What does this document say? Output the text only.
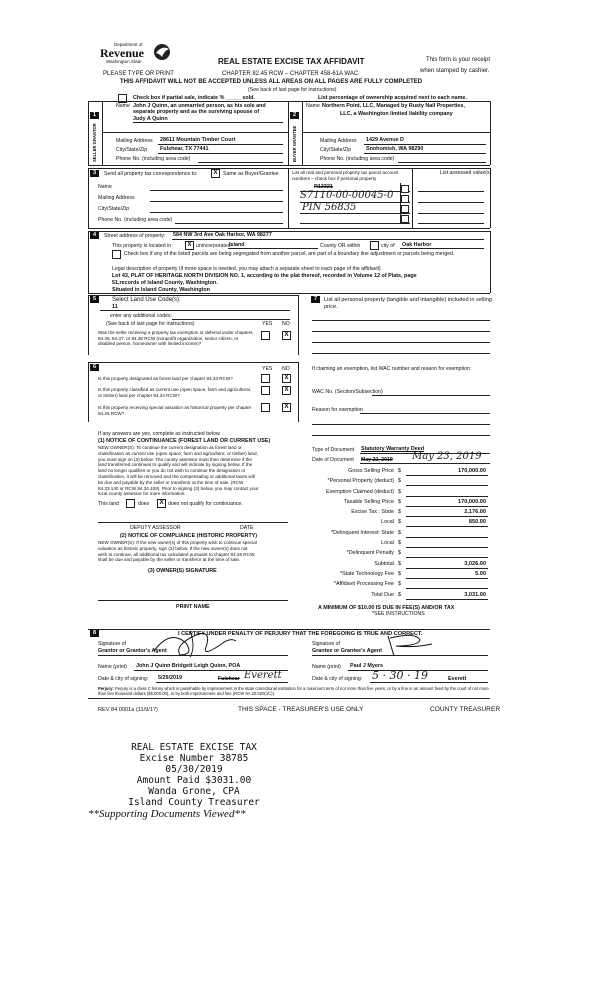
Department of
Revenue
Washington State	REAL ESTATE EXCISE TAX AFFIDAVIT	This form is your receipt
when stamped by cashier.
PLEASE TYPE OR PRINT	CHAPTER 82.45 RCW – CHAPTER 458-61A WAC
THIS AFFIDAVIT WILL NOT BE ACCEPTED UNLESS ALL AREAS ON ALL PAGES ARE FULLY COMPLETED
(See back of last page for instructions)
Check box if partial sale, indicate % _____ sold.	List percentage of ownership acquired next to each name.
1
Name John J Quinn, an unmarried person, as his sole and separate property and as the surviving spouse of
Judy A Quinn
SELLER GRANTOR	Mailing Address 28611 Mountain Timber Court
City/State/Zip Fulshear, TX 77441
Phone No. (including area code)
2
Name Northern Point, LLC, Managed by Rusty Nail Properties,
LLC, a Washington limited liability company
BUYER GRANTEE	Mailing Address 1429 Avenue D
City/State/Zip	Snohomish, WA 98290
Phone No. (including area code)
3	Send all property tax correspondence to:	X	Same as Buyer/Grantee
Name
Mailing Address
City/State/Zip
Phone No. (including area code)
List all real and personal property tax parcel account numbers – check box if personal property
List assessed value(s)
R13321
S7110-00-00045-0
PIN 56835
4	Street address of property: 584 NW 3rd Ave Oak Harbor, WA 98277
This property is located in	X unincorporated
Island	County OR within	city of Oak Harbor
Check box if any of the listed parcels are being segregated from another parcel, are part of a boundary line adjustment or parcels being merged.
Legal description of property (if more space is needed, you may attach a separate sheet to each page of the affidavit)
Lot 43, PLAT OF HERITAGE NORTH DIVISION NO. 1, according to the plat thereof, recorded in Volume 12 of Plats, page
51,records of Island County, Washington.
Situated in Island County, Washington
5	Select Land Use Code(s):
11
enter any additional codes:
(See back of last page for instructions)	YES NO
Was the seller receiving a property tax exemption or deferral under chapters 84.36, 84.37, or 84.38 RCW (nonprofit organization, senior citizen, or disabled person, homeowner with limited income)?
X
7	List all personal property (tangible and intangible) included in selling price.
If claiming an exemption, list WAC number and reason for exemption:
WAC No. (Section/Subsection)
Reason for exemption
6	YES NO
Is this property designated as forest land per chapter 84.33 RCW?	X
Is this property classified as current use (open space, farm and agricultural, or timber) land per chapter 84.34 RCW?
X
Is this property receiving special valuation as historical property per chapter 84.26 RCW?
X
If any answers are yes, complete as instructed below.
(1) NOTICE OF CONTINUANCE (FOREST LAND OR CURRENT USE)
NEW OWNER(S): To continue the current designation as forest land or
classification as current use (open space, farm and agriculture, or timber) land,
you must sign on (3) below. The county assessor must then determine if the
land transferred continues to qualify and will indicate by signing below. If the
land no longer qualifies or you do not wish to continue the designation or
classification, it will be removed and the compensating or additional taxes will
be due and payable by the seller or transferor at the time of sale. (RCW
84.33.140 or RCW 84.34.108). Prior to signing (3) below, you may contact your
local county assessor for more information.
This land	does	X does not qualify for continuance.
DEPUTY ASSESSOR	DATE
(2) NOTICE OF COMPLIANCE (HISTORIC PROPERTY)
NEW OWNER(S): If the new owner(s) of this property wish to continue special
valuation as historic property, sign (3) below. If the new owner(s) does not
wish to continue, all additional tax calculated pursuant to chapter 84.26 RCW,
shall be due and payable by the seller or transferor at the time of sale.
(3) OWNER(S) SIGNATURE
PRINT NAME
Type of Document Statutory Warranty Deed
Date of Document May 22, 2019 May 23, 2019
Gross Selling Price $	170,000.00
*Personal Property (deduct) $
Exemption Claimed (deduct) $
Taxable Selling Price $	170,000.00
Excise Tax : State $	2,176.00
Local $	850.00
*Delinquent Interest: State $
Local $
*Delinquent Penalty $
Subtotal $	3,026.00
*State Technology Fee $	5.00
*Affidavit Processing Fee $
Total Due $	3,031.00
A MINIMUM OF $10.00 IS DUE IN FEE(S) AND/OR TAX
*SEE INSTRUCTIONS
8	I CERTIFY UNDER PENALTY OF PERJURY THAT THE FOREGOING IS TRUE AND CORRECT.
Signature of
Grantor or Grantor's Agent
Signature of
Grantee or Grantee's Agent
Name (print) John J Quinn Bridgett Leigh Quinn, POA	Name (print) Paul J Myers
Date & city of signing: 5/29/2019	Fulshear Everett	Date & city of signing: 5 · 30 · 19	Everett
Perjury: Perjury is a class C felony which is punishable by imprisonment in the state correctional institution for a maximum term of not more than five years, or by a fine in an amount fixed by the court of not more than five thousand dollars ($5,000.00), or by both imprisonment and fine (RCW 9A.20.020(1C)).
REV 84 0001a (11/9/17)	THIS SPACE - TREASURER'S USE ONLY	COUNTY TREASURER
REAL ESTATE EXCISE TAX
Excise Number 38785
05/30/2019
Amount Paid $3031.00
Wanda Grone, CPA
Island County Treasurer
**Supporting Documents Viewed**
